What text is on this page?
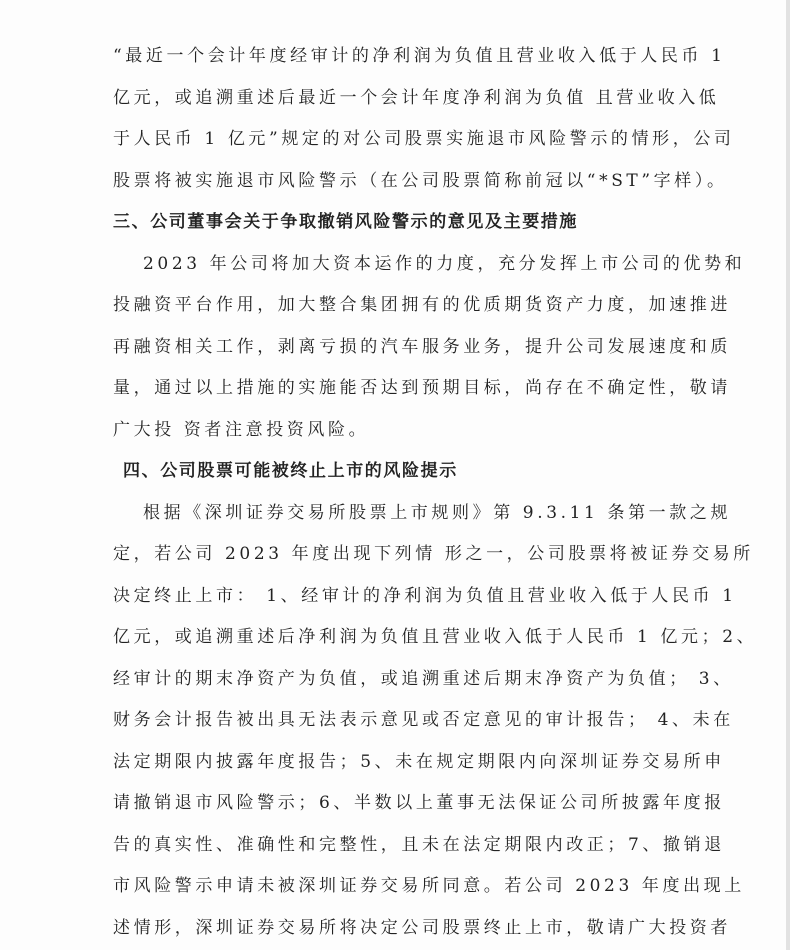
“最近一个会计年度经审计的净利润为负值且营业收入低于人民币 1
亿元，或追溯重述后最近一个会计年度净利润为负值 且营业收入低
于人民币 1 亿元”规定的对公司股票实施退市风险警示的情形，公司
股票将被实施退市风险警示（在公司股票简称前冠以“*ST”字样）。
三、公司董事会关于争取撤销风险警示的意见及主要措施
2023 年公司将加大资本运作的力度，充分发挥上市公司的优势和
投融资平台作用，加大整合集团拥有的优质期货资产力度，加速推进
再融资相关工作，剥离亏损的汽车服务业务，提升公司发展速度和质
量，通过以上措施的实施能否达到预期目标，尚存在不确定性，敬请
广大投 资者注意投资风险。
四、公司股票可能被终止上市的风险提示
根据《深圳证券交易所股票上市规则》第 9.3.11 条第一款之规
定，若公司 2023 年度出现下列情 形之一，公司股票将被证券交易所
决定终止上市： 1、经审计的净利润为负值且营业收入低于人民币 1
亿元，或追溯重述后净利润为负值且营业收入低于人民币 1 亿元；2、
经审计的期末净资产为负值，或追溯重述后期末净资产为负值； 3、
财务会计报告被出具无法表示意见或否定意见的审计报告； 4、未在
法定期限内披露年度报告；5、未在规定期限内向深圳证券交易所申
请撤销退市风险警示；6、半数以上董事无法保证公司所披露年度报
告的真实性、准确性和完整性，且未在法定期限内改正；7、撤销退
市风险警示申请未被深圳证券交易所同意。若公司 2023 年度出现上
述情形，深圳证券交易所将决定公司股票终止上市，敬请广大投资者
